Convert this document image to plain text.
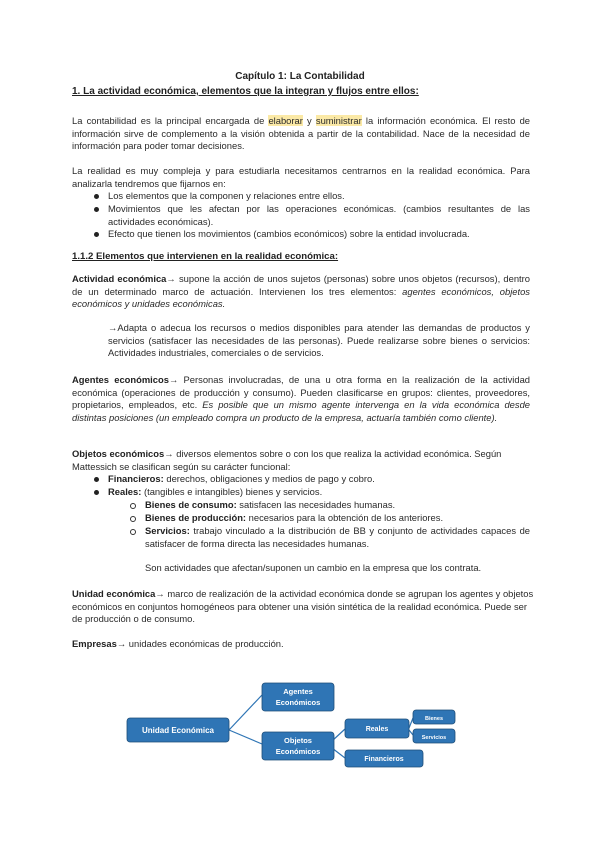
Capítulo 1: La Contabilidad
1. La actividad económica, elementos que la integran y flujos entre ellos:
La contabilidad es la principal encargada de elaborar y suministrar la información económica. El resto de información sirve de complemento a la visión obtenida a partir de la contabilidad. Nace de la necesidad de información para poder tomar decisiones.
La realidad es muy compleja y para estudiarla necesitamos centrarnos en la realidad económica. Para analizarla tendremos que fijarnos en:
Los elementos que la componen y relaciones entre ellos.
Movimientos que les afectan por las operaciones económicas. (cambios resultantes de las actividades económicas).
Efecto que tienen los movimientos (cambios económicos) sobre la entidad involucrada.
1.1.2 Elementos que intervienen en la realidad económica:
Actividad económica→ supone la acción de unos sujetos (personas) sobre unos objetos (recursos), dentro de un determinado marco de actuación. Intervienen los tres elementos: agentes económicos, objetos económicos y unidades económicas.
→Adapta o adecua los recursos o medios disponibles para atender las demandas de productos y servicios (satisfacer las necesidades de las personas). Puede realizarse sobre bienes o servicios: Actividades industriales, comerciales o de servicios.
Agentes económicos→ Personas involucradas, de una u otra forma en la realización de la actividad económica (operaciones de producción y consumo). Pueden clasificarse en grupos: clientes, proveedores, propietarios, empleados, etc. Es posible que un mismo agente intervenga en la vida económica desde distintas posiciones (un empleado compra un producto de la empresa, actuaría también como cliente).
Objetos económicos→ diversos elementos sobre o con los que realiza la actividad económica. Según Mattessich se clasifican según su carácter funcional:
Financieros: derechos, obligaciones y medios de pago y cobro.
Reales: (tangibles e intangibles) bienes y servicios.
Bienes de consumo: satisfacen las necesidades humanas.
Bienes de producción: necesarios para la obtención de los anteriores.
Servicios: trabajo vinculado a la distribución de BB y conjunto de actividades capaces de satisfacer de forma directa las necesidades humanas.
Son actividades que afectan/suponen un cambio en la empresa que los contrata.
Unidad económica→ marco de realización de la actividad económica donde se agrupan los agentes y objetos económicos en conjuntos homogéneos para obtener una visión sintética de la realidad económica. Puede ser de producción o de consumo.
Empresas→ unidades económicas de producción.
Unidad Económica
Agentes
Económicos
Objetos
Económicos
Reales
Financieros
Bienes
Servicios
